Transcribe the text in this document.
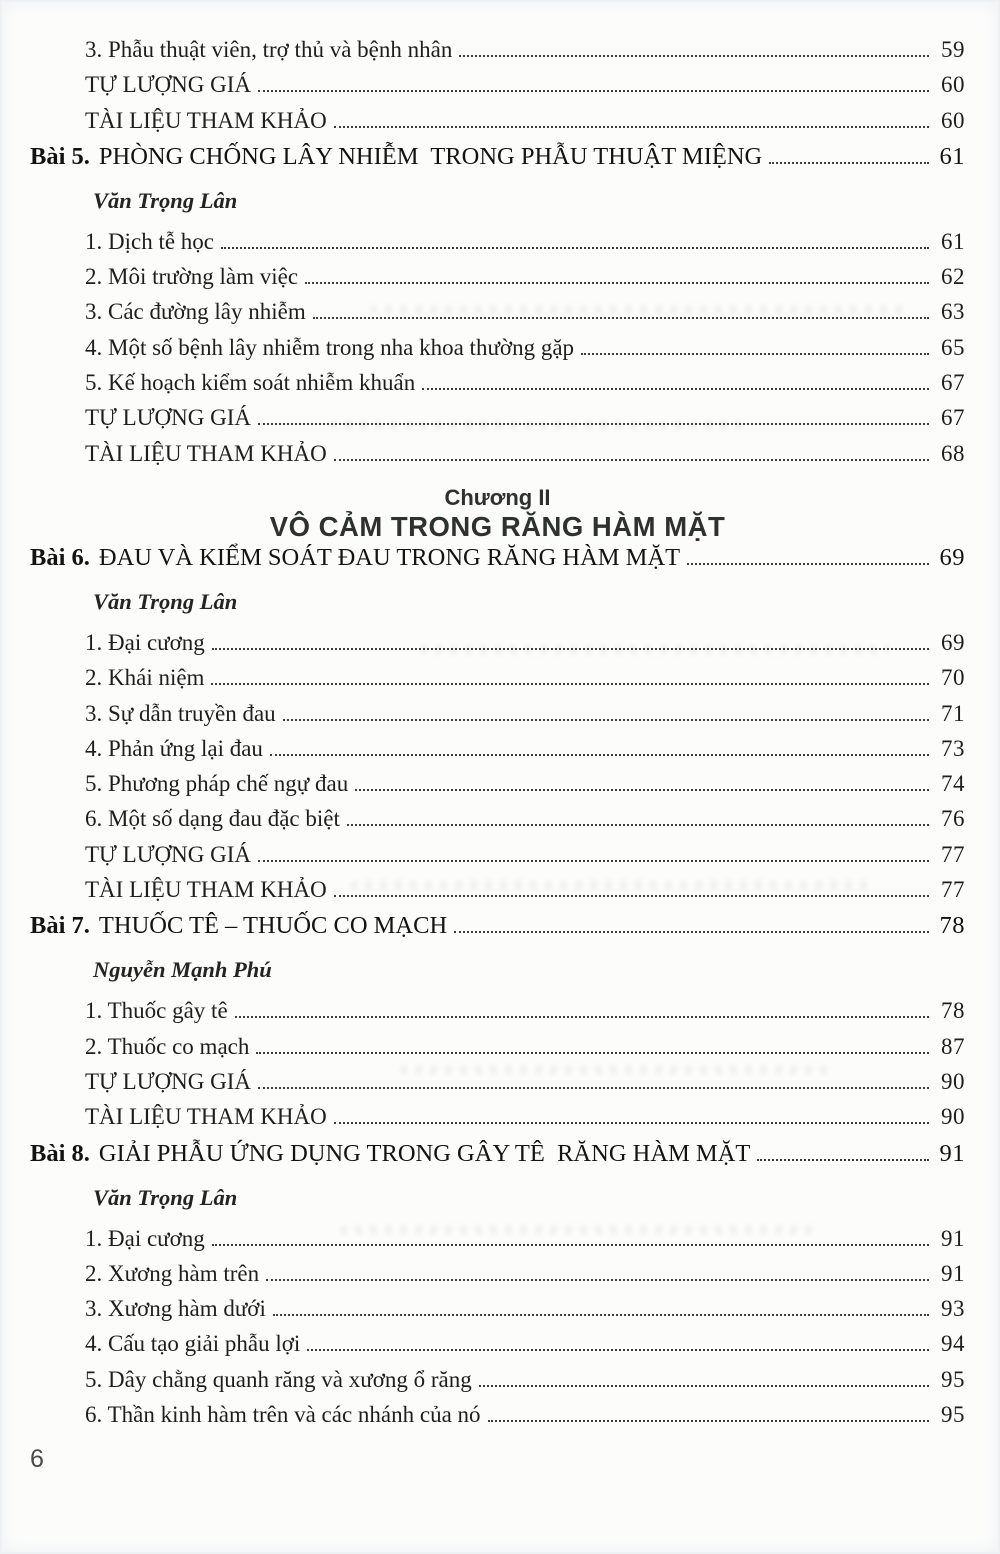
3. Phẫu thuật viên, trợ thủ và bệnh nhân	59
TỰ LƯỢNG GIÁ	60
TÀI LIỆU THAM KHẢO	60
Bài 5. PHÒNG CHỐNG LÂY NHIỄM  TRONG PHẪU THUẬT MIỆNG	61
Văn Trọng Lân
1. Dịch tễ học	61
2. Môi trường làm việc	62
3. Các đường lây nhiễm	63
4. Một số bệnh lây nhiễm trong nha khoa thường gặp	65
5. Kế hoạch kiểm soát nhiễm khuẩn	67
TỰ LƯỢNG GIÁ	67
TÀI LIỆU THAM KHẢO	68
Chương II
VÔ CẢM TRONG RĂNG HÀM MẶT
Bài 6. ĐAU VÀ KIỂM SOÁT ĐAU TRONG RĂNG HÀM MẶT	69
Văn Trọng Lân
1. Đại cương	69
2. Khái niệm	70
3. Sự dẫn truyền đau	71
4. Phản ứng lại đau	73
5. Phương pháp chế ngự đau	74
6. Một số dạng đau đặc biệt	76
TỰ LƯỢNG GIÁ	77
TÀI LIỆU THAM KHẢO	77
Bài 7. THUỐC TÊ – THUỐC CO MẠCH	78
Nguyễn Mạnh Phú
1. Thuốc gây tê	78
2. Thuốc co mạch	87
TỰ LƯỢNG GIÁ	90
TÀI LIỆU THAM KHẢO	90
Bài 8. GIẢI PHẪU ỨNG DỤNG TRONG GÂY TÊ  RĂNG HÀM MẶT	91
Văn Trọng Lân
1. Đại cương	91
2. Xương hàm trên	91
3. Xương hàm dưới	93
4. Cấu tạo giải phẫu lợi	94
5. Dây chằng quanh răng và xương ổ răng	95
6. Thần kinh hàm trên và các nhánh của nó	95
6
